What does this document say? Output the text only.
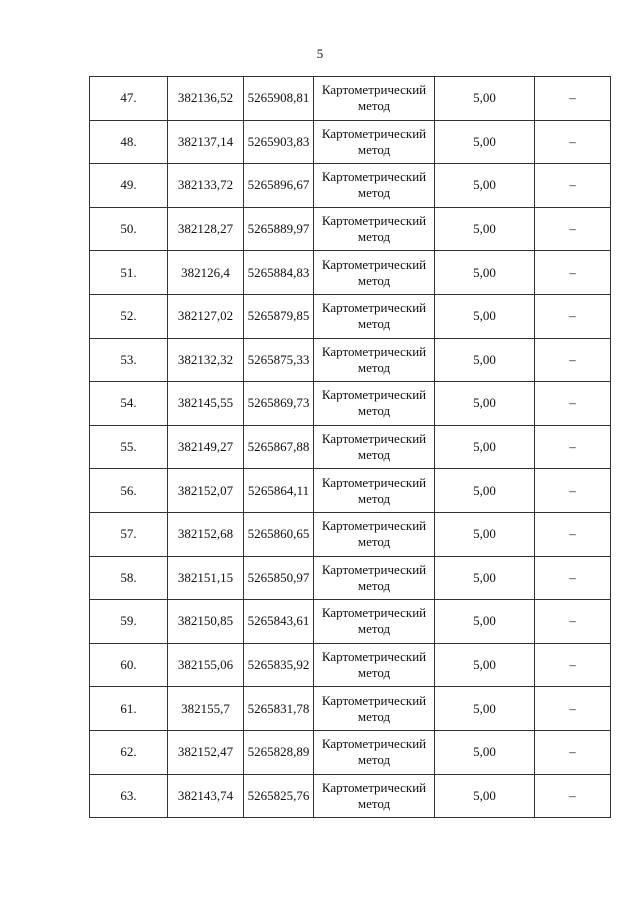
5
47.	382136,52	5265908,81	Картометрический
метод	5,00	–
48.	382137,14	5265903,83	Картометрический
метод	5,00	–
49.	382133,72	5265896,67	Картометрический
метод	5,00	–
50.	382128,27	5265889,97	Картометрический
метод	5,00	–
51.	382126,4	5265884,83	Картометрический
метод	5,00	–
52.	382127,02	5265879,85	Картометрический
метод	5,00	–
53.	382132,32	5265875,33	Картометрический
метод	5,00	–
54.	382145,55	5265869,73	Картометрический
метод	5,00	–
55.	382149,27	5265867,88	Картометрический
метод	5,00	–
56.	382152,07	5265864,11	Картометрический
метод	5,00	–
57.	382152,68	5265860,65	Картометрический
метод	5,00	–
58.	382151,15	5265850,97	Картометрический
метод	5,00	–
59.	382150,85	5265843,61	Картометрический
метод	5,00	–
60.	382155,06	5265835,92	Картометрический
метод	5,00	–
61.	382155,7	5265831,78	Картометрический
метод	5,00	–
62.	382152,47	5265828,89	Картометрический
метод	5,00	–
63.	382143,74	5265825,76	Картометрический
метод	5,00	–
